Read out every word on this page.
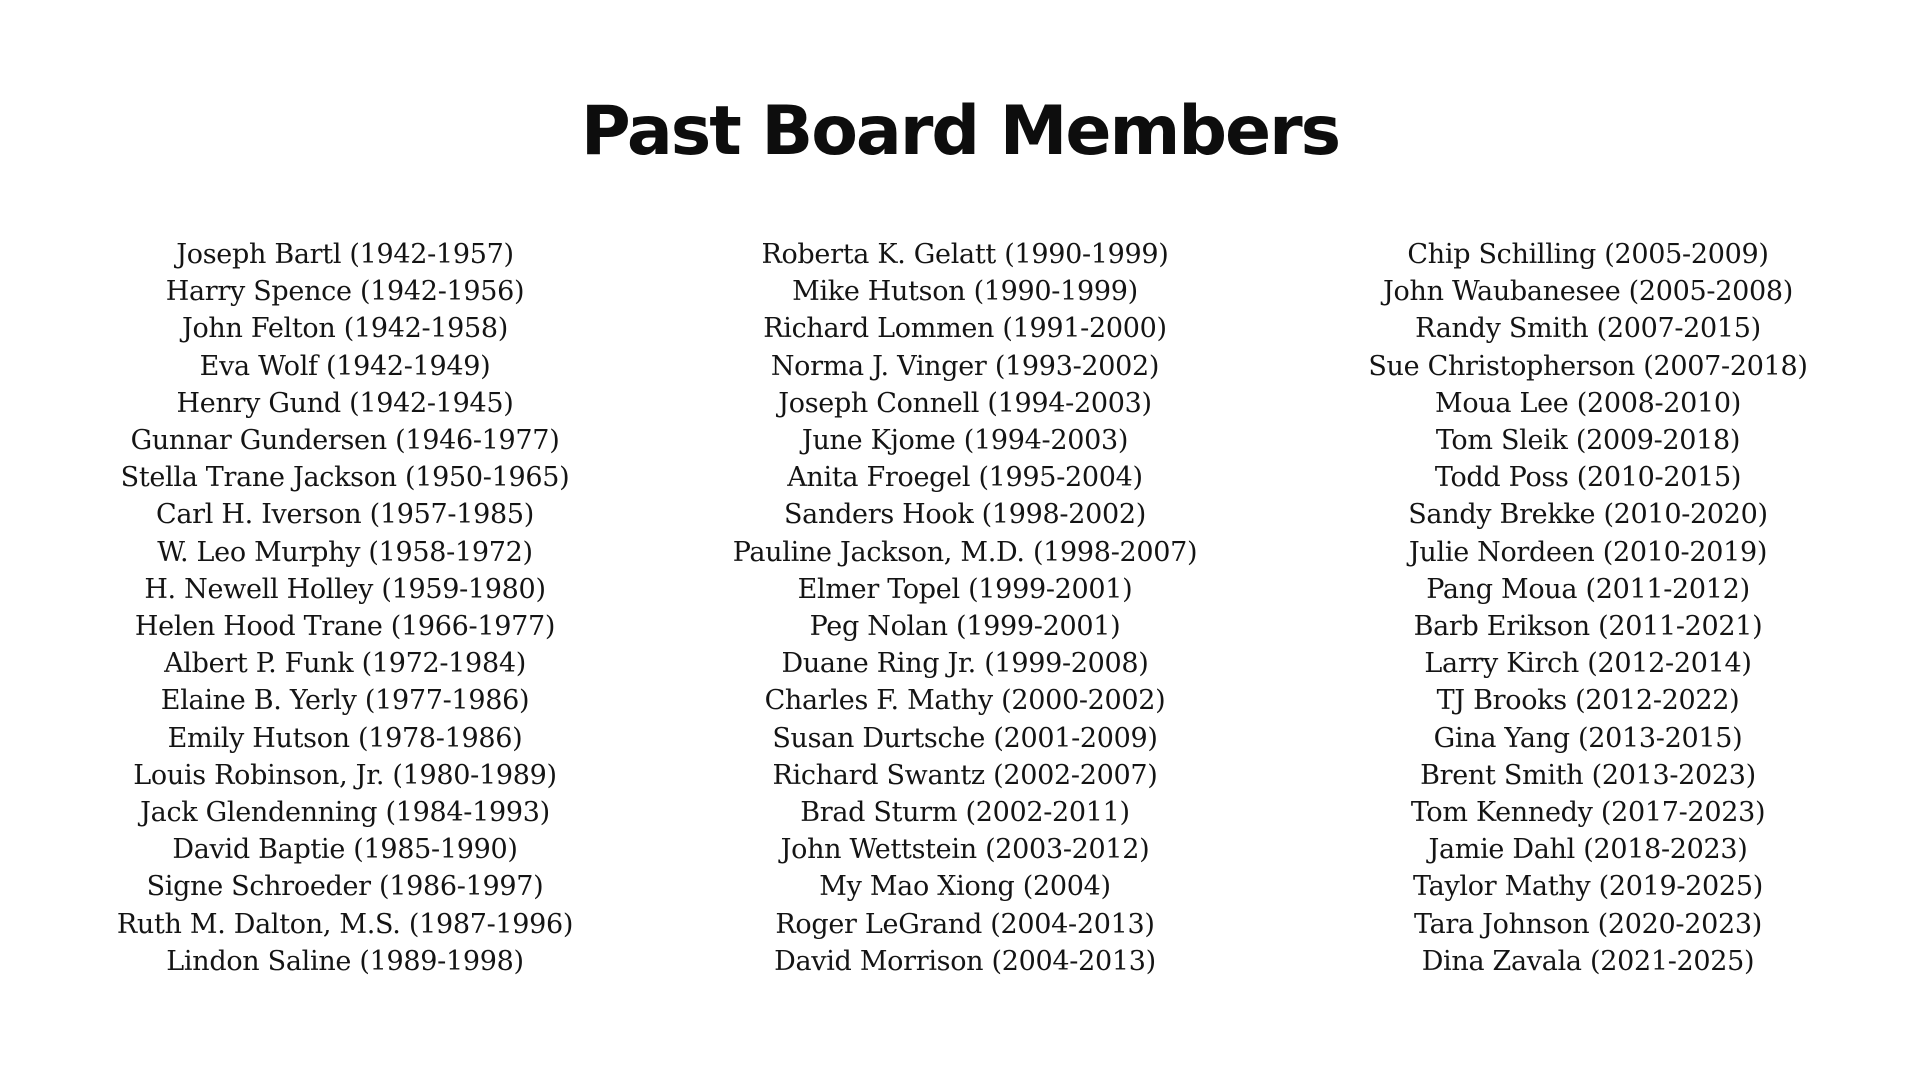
Past Board Members
Joseph Bartl (1942-1957)
Harry Spence (1942-1956)
John Felton (1942-1958)
Eva Wolf (1942-1949)
Henry Gund (1942-1945)
Gunnar Gundersen (1946-1977)
Stella Trane Jackson (1950-1965)
Carl H. Iverson (1957-1985)
W. Leo Murphy (1958-1972)
H. Newell Holley (1959-1980)
Helen Hood Trane (1966-1977)
Albert P. Funk (1972-1984)
Elaine B. Yerly (1977-1986)
Emily Hutson (1978-1986)
Louis Robinson, Jr. (1980-1989)
Jack Glendenning (1984-1993)
David Baptie (1985-1990)
Signe Schroeder (1986-1997)
Ruth M. Dalton, M.S. (1987-1996)
Lindon Saline (1989-1998)
Roberta K. Gelatt (1990-1999)
Mike Hutson (1990-1999)
Richard Lommen (1991-2000)
Norma J. Vinger (1993-2002)
Joseph Connell (1994-2003)
June Kjome (1994-2003)
Anita Froegel (1995-2004)
Sanders Hook (1998-2002)
Pauline Jackson, M.D. (1998-2007)
Elmer Topel (1999-2001)
Peg Nolan (1999-2001)
Duane Ring Jr. (1999-2008)
Charles F. Mathy (2000-2002)
Susan Durtsche (2001-2009)
Richard Swantz (2002-2007)
Brad Sturm (2002-2011)
John Wettstein (2003-2012)
My Mao Xiong (2004)
Roger LeGrand (2004-2013)
David Morrison (2004-2013)
Chip Schilling (2005-2009)
John Waubanesee (2005-2008)
Randy Smith (2007-2015)
Sue Christopherson (2007-2018)
Moua Lee (2008-2010)
Tom Sleik (2009-2018)
Todd Poss (2010-2015)
Sandy Brekke (2010-2020)
Julie Nordeen (2010-2019)
Pang Moua (2011-2012)
Barb Erikson (2011-2021)
Larry Kirch (2012-2014)
TJ Brooks (2012-2022)
Gina Yang (2013-2015)
Brent Smith (2013-2023)
Tom Kennedy (2017-2023)
Jamie Dahl (2018-2023)
Taylor Mathy (2019-2025)
Tara Johnson (2020-2023)
Dina Zavala (2021-2025)
